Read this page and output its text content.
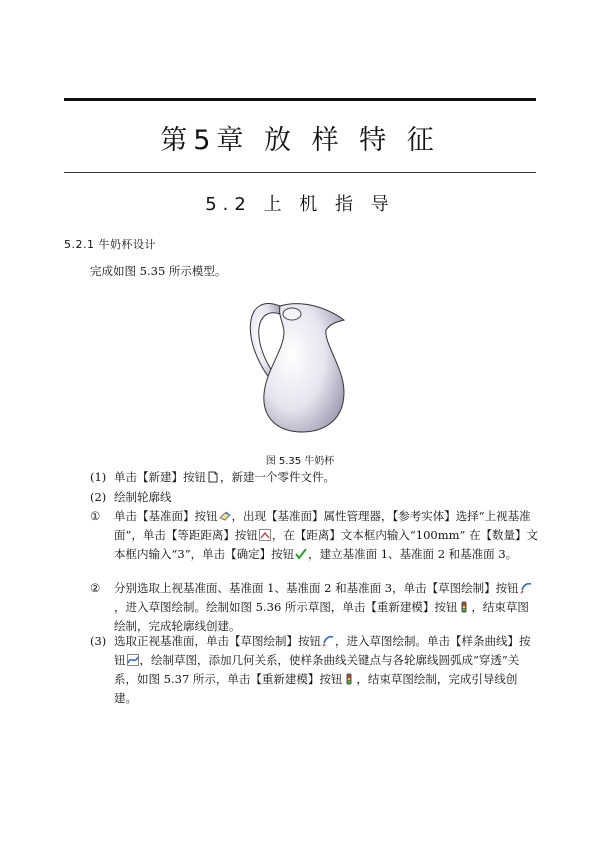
第5章 放 样 特 征
5.2 上 机 指 导
5.2.1 牛奶杯设计
完成如图 5.35 所示模型。
图 5.35 牛奶杯
(1) 单击【新建】按钮 ，新建一个零件文件。
(2) 绘制轮廓线
① 单击【基准面】按钮 ，出现【基准面】属性管理器，【参考实体】选择“上视基准面”，单击【等距距离】按钮 ，在【距离】文本框内输入“100mm” 在【数量】文本框内输入“3”，单击【确定】按钮 ，建立基准面 1、基准面 2 和基准面 3。
② 分别选取上视基准面、基准面 1、基准面 2 和基准面 3，单击【草图绘制】按钮，进入草图绘制。绘制如图 5.36 所示草图，单击【重新建模】按钮 ，结束草图绘制，完成轮廓线创建。
(3) 选取正视基准面，单击【草图绘制】按钮 ，进入草图绘制。单击【样条曲线】按钮 ，绘制草图，添加几何关系，使样条曲线关键点与各轮廓线圆弧成“穿透”关系，如图 5.37 所示，单击【重新建模】按钮 ，结束草图绘制，完成引导线创建。
